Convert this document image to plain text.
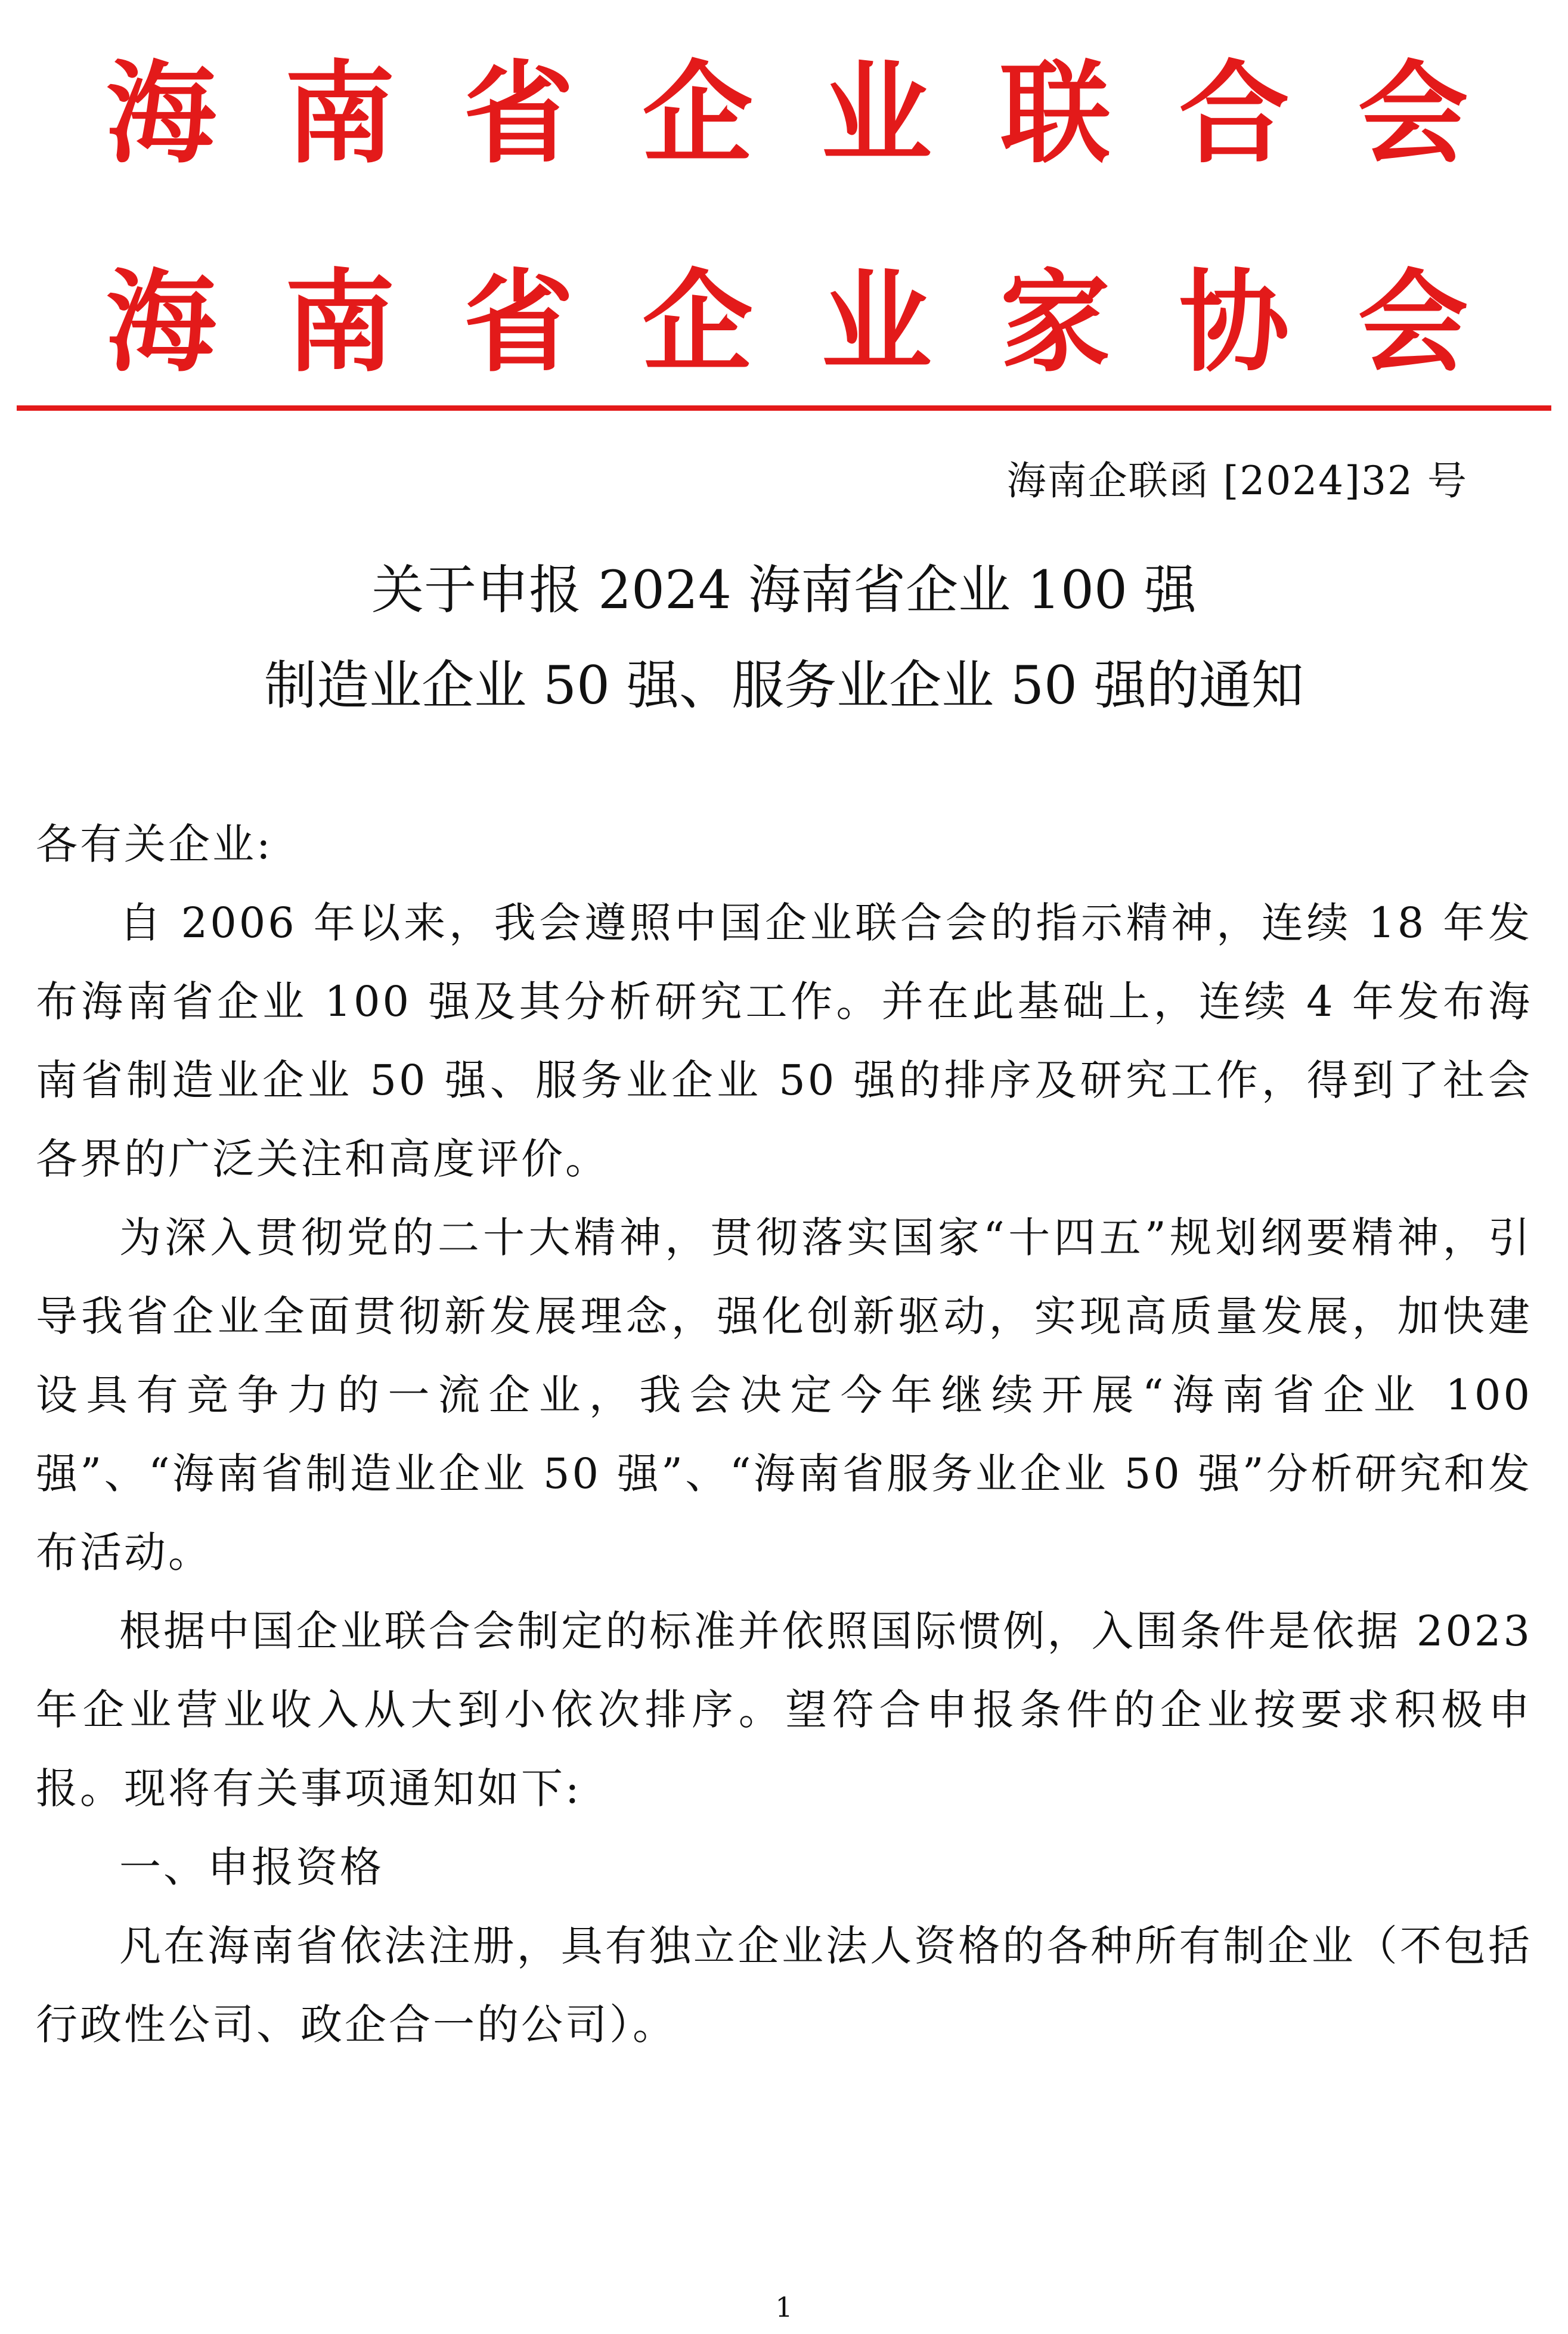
海 南 省 企 业 联 合 会
海 南 省 企 业 家 协 会
海南企联函 [2024]32 号
关于申报 2024 海南省企业 100 强
制造业企业 50 强、服务业企业 50 强的通知

各有关企业:

自 2006 年以来，我会遵照中国企业联合会的指示精神，连续 18 年发布海南省企业 100 强及其分析研究工作。并在此基础上，连续 4 年发布海南省制造业企业 50 强、服务业企业 50 强的排序及研究工作，得到了社会各界的广泛关注和高度评价。

为深入贯彻党的二十大精神，贯彻落实国家“十四五”规划纲要精神，引导我省企业全面贯彻新发展理念，强化创新驱动，实现高质量发展，加快建设具有竞争力的一流企业，我会决定今年继续开展“海南省企业 100 强”、“海南省制造业企业 50 强”、“海南省服务业企业 50 强”分析研究和发布活动。

根据中国企业联合会制定的标准并依照国际惯例，入围条件是依据 2023 年企业营业收入从大到小依次排序。望符合申报条件的企业按要求积极申报。现将有关事项通知如下:

一、申报资格

凡在海南省依法注册，具有独立企业法人资格的各种所有制企业（不包括行政性公司、政企合一的公司）。

1
